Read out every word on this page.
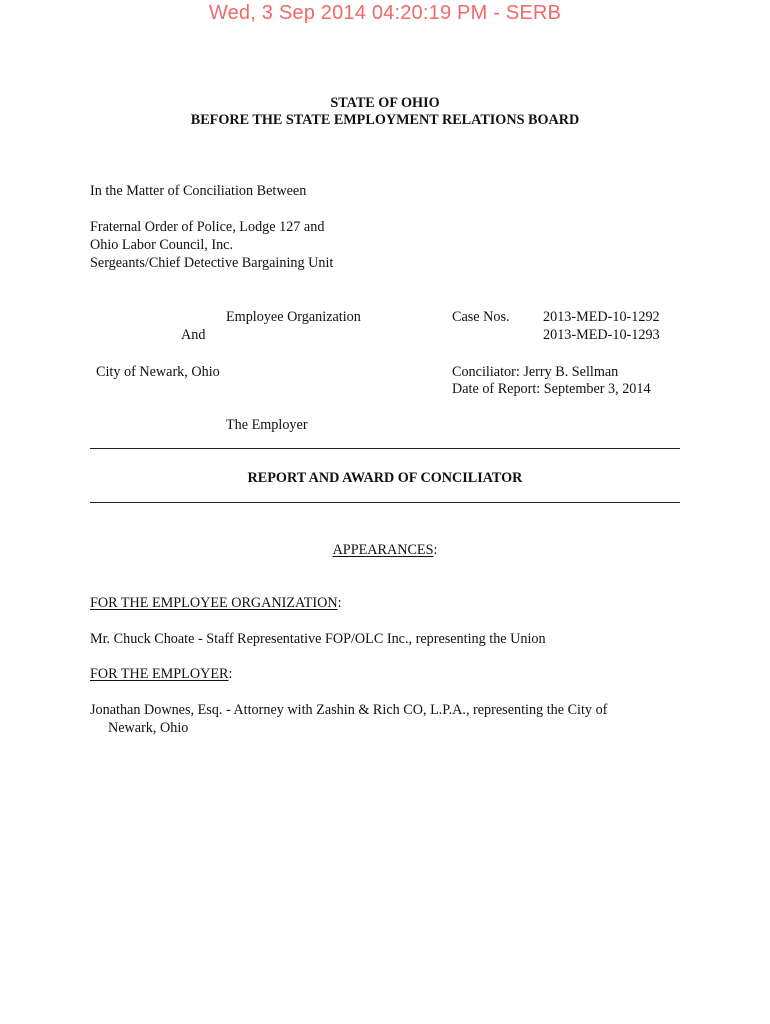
Wed, 3 Sep 2014 04:20:19 PM - SERB
STATE OF OHIO
BEFORE THE STATE EMPLOYMENT RELATIONS BOARD
In the Matter of Conciliation Between
Fraternal Order of Police, Lodge 127 and
Ohio Labor Council, Inc.
Sergeants/Chief Detective Bargaining Unit
Employee Organization
And
Case Nos. 2013-MED-10-1292
2013-MED-10-1293
City of Newark, Ohio	Conciliator: Jerry B. Sellman
Date of Report: September 3, 2014
The Employer
REPORT AND AWARD OF CONCILIATOR
APPEARANCES:
FOR THE EMPLOYEE ORGANIZATION:
Mr. Chuck Choate - Staff Representative FOP/OLC Inc., representing the Union
FOR THE EMPLOYER:
Jonathan Downes, Esq. - Attorney with Zashin & Rich CO, L.P.A., representing the City of
Newark, Ohio
